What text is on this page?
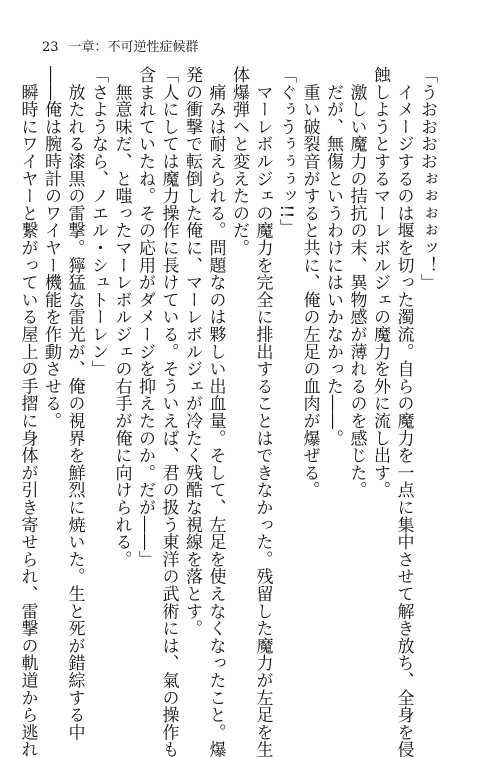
23 一章：不可逆性症候群
「うおおおおぉぉぉぉッ！」
　イメージするのは堰を切った濁流。自らの魔力を一点に集中させて解き放ち、全身を侵
蝕しようとするマーレボルジェの魔力を外に流し出す。
　激しい魔力の拮抗の末、異物感が薄れるのを感じた。
　だが、無傷というわけにはいかなかった――。
　重い破裂音がすると共に、俺の左足の血肉が爆ぜる。
「ぐぅうぅぅぅッ!!」
　マーレボルジェの魔力を完全に排出することはできなかった。残留した魔力が左足を生
体爆弾へと変えたのだ。
　痛みは耐えられる。問題なのは夥しい出血量。そして、左足を使えなくなったこと。爆
発の衝撃で転倒した俺に、マーレボルジェが冷たく残酷な視線を落とす。
「人にしては魔力操作に長けている。そういえば、君の扱う東洋の武術には、氣の操作も
含まれていたね。その応用がダメージを抑えたのか。だが――」
　無意味だ、と嗤ったマーレボルジェの右手が俺に向けられる。
「さようなら、ノエル・シュトーレン」
　放たれる漆黒の雷撃。獰猛な雷光が、俺の視界を鮮烈に焼いた。生と死が錯綜する中
――俺は腕時計のワイヤー機能を作動させる。
　瞬時にワイヤーと繋がっている屋上の手摺に身体が引き寄せられ、雷撃の軌道から逃れ
